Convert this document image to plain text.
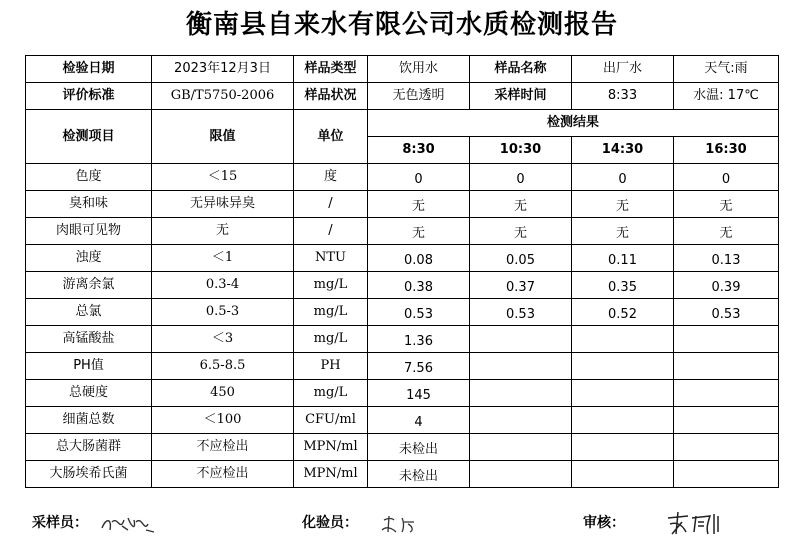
衡南县自来水有限公司水质检测报告
检验日期	2023年12月3日	样品类型	饮用水	样品名称	出厂水	天气:雨
评价标准	GB/T5750-2006	样品状况	无色透明	采样时间	8:33	水温: 17℃
检测项目	限值	单位	检测结果			
			8:30	10:30	14:30	16:30
色度	＜15	度	0	0	0	0
臭和味	无异味异臭	/	无	无	无	无
肉眼可见物	无	/	无	无	无	无
浊度	＜1	NTU	0.08	0.05	0.11	0.13
游离余氯	0.3-4	mg/L	0.38	0.37	0.35	0.39
总氯	0.5-3	mg/L	0.53	0.53	0.52	0.53
高锰酸盐	＜3	mg/L	1.36			
PH值	6.5-8.5	PH	7.56			
总硬度	450	mg/L	145			
细菌总数	＜100	CFU/ml	4			
总大肠菌群	不应检出	MPN/ml	未检出			
大肠埃希氏菌	不应检出	MPN/ml	未检出			
采样员：	化验员：	审核：
